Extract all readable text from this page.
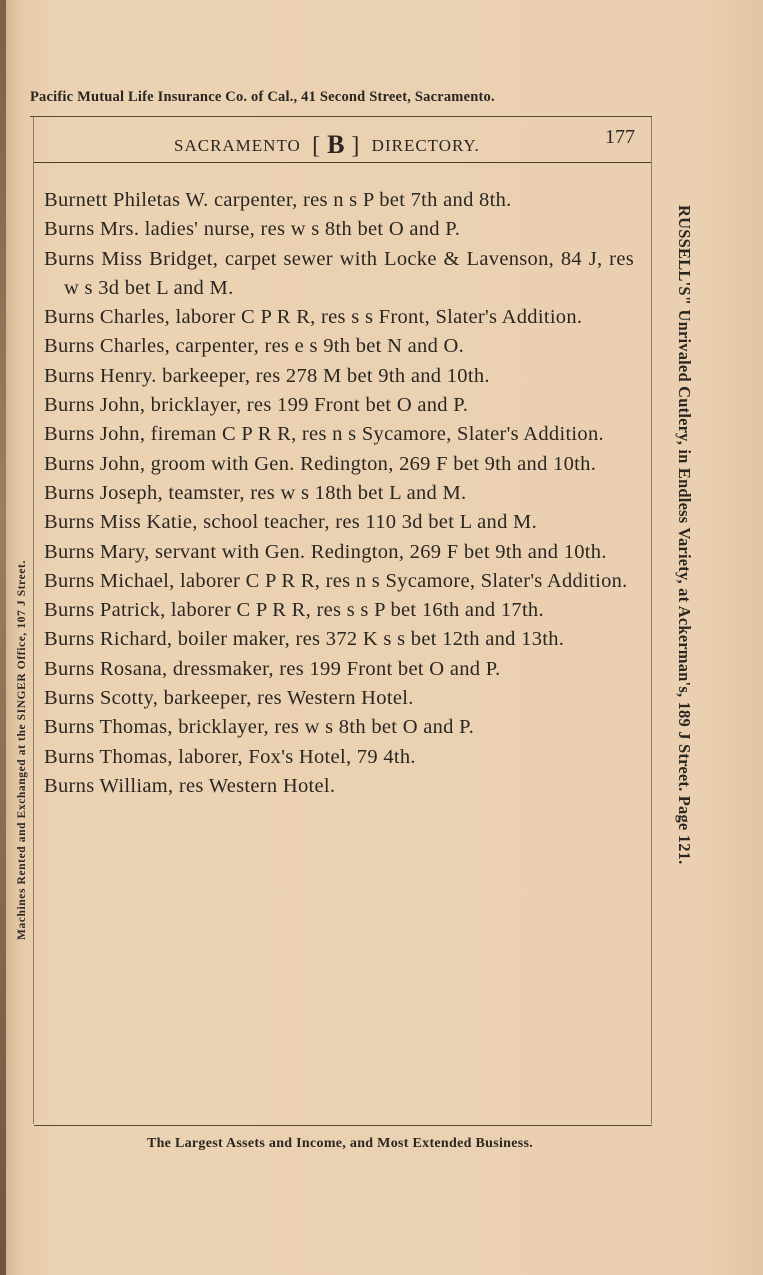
Pacific Mutual Life Insurance Co. of Cal., 41 Second Street, Sacramento.
SACRAMENTO [ B ] DIRECTORY.	177
Machines Rented and Exchanged at the SINGER Office, 107 J Street.	RUSSELL'S" Unrivaled Cutlery, in Endless Variety, at Ackerman's, 189 J Street. Page 121.
Burnett Philetas W. carpenter, res n s P bet 7th and 8th.
Burns Mrs. ladies' nurse, res w s 8th bet O and P.
Burns Miss Bridget, carpet sewer with Locke & Lavenson, 84 J, res w s 3d bet L and M.
Burns Charles, laborer C P R R, res s s Front, Slater's Addition.
Burns Charles, carpenter, res e s 9th bet N and O.
Burns Henry. barkeeper, res 278 M bet 9th and 10th.
Burns John, bricklayer, res 199 Front bet O and P.
Burns John, fireman C P R R, res n s Sycamore, Slater's Addition.
Burns John, groom with Gen. Redington, 269 F bet 9th and 10th.
Burns Joseph, teamster, res w s 18th bet L and M.
Burns Miss Katie, school teacher, res 110 3d bet L and M.
Burns Mary, servant with Gen. Redington, 269 F bet 9th and 10th.
Burns Michael, laborer C P R R, res n s Sycamore, Slater's Addition.
Burns Patrick, laborer C P R R, res s s P bet 16th and 17th.
Burns Richard, boiler maker, res 372 K s s bet 12th and 13th.
Burns Rosana, dressmaker, res 199 Front bet O and P.
Burns Scotty, barkeeper, res Western Hotel.
Burns Thomas, bricklayer, res w s 8th bet O and P.
Burns Thomas, laborer, Fox's Hotel, 79 4th.
Burns William, res Western Hotel.
The Largest Assets and Income, and Most Extended Business.
